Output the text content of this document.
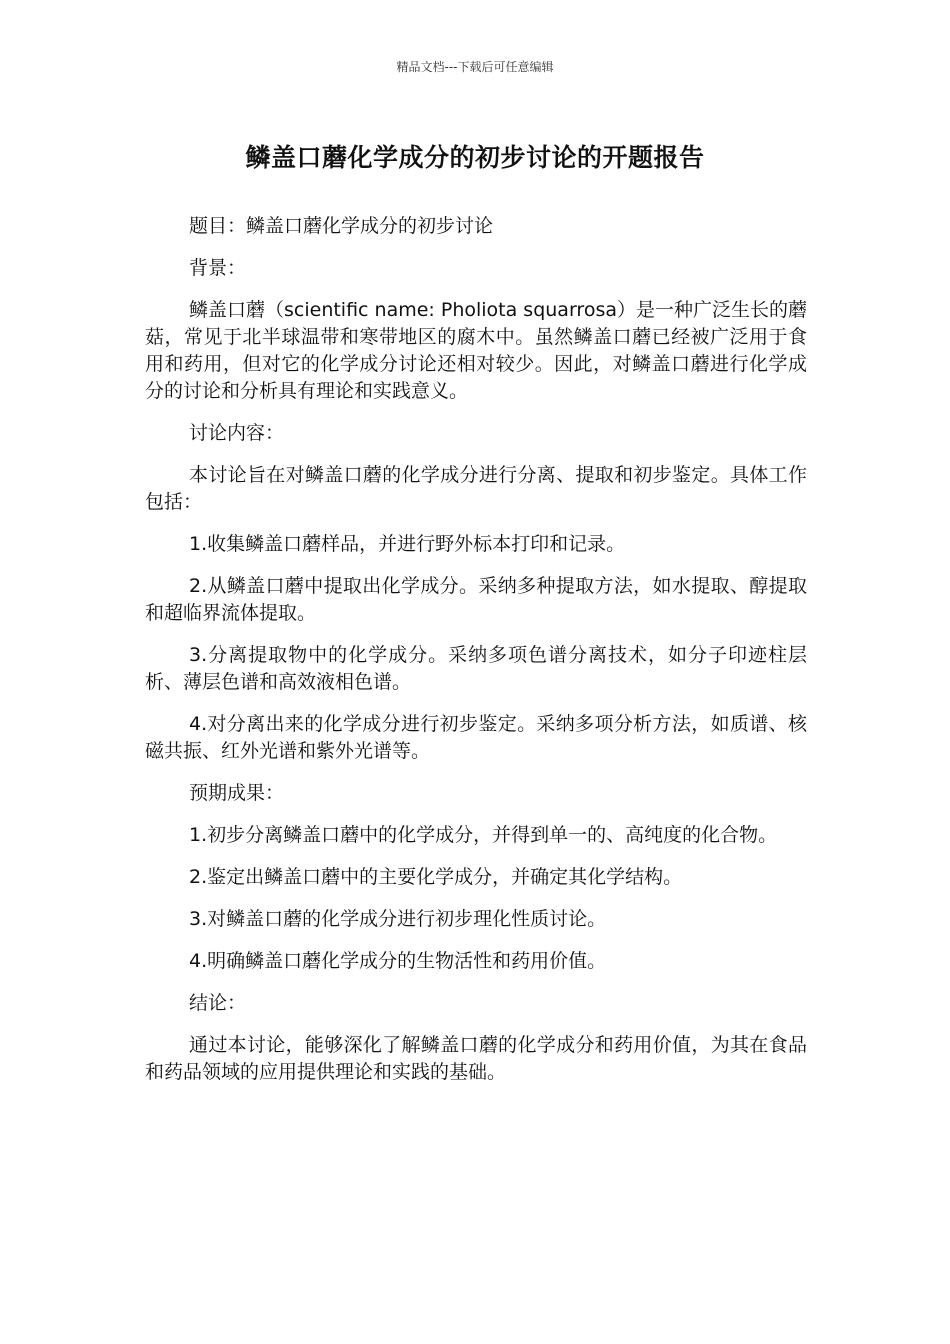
精品文档---下载后可任意编辑
鳞盖口蘑化学成分的初步讨论的开题报告

题目：鳞盖口蘑化学成分的初步讨论

背景：

鳞盖口蘑（scientific name: Pholiota squarrosa）是一种广泛生长的蘑菇，常见于北半球温带和寒带地区的腐木中。虽然鳞盖口蘑已经被广泛用于食用和药用，但对它的化学成分讨论还相对较少。因此，对鳞盖口蘑进行化学成分的讨论和分析具有理论和实践意义。

讨论内容：

本讨论旨在对鳞盖口蘑的化学成分进行分离、提取和初步鉴定。具体工作包括：

1.收集鳞盖口蘑样品，并进行野外标本打印和记录。

2.从鳞盖口蘑中提取出化学成分。采纳多种提取方法，如水提取、醇提取和超临界流体提取。

3.分离提取物中的化学成分。采纳多项色谱分离技术，如分子印迹柱层析、薄层色谱和高效液相色谱。

4.对分离出来的化学成分进行初步鉴定。采纳多项分析方法，如质谱、核磁共振、红外光谱和紫外光谱等。

预期成果：

1.初步分离鳞盖口蘑中的化学成分，并得到单一的、高纯度的化合物。

2.鉴定出鳞盖口蘑中的主要化学成分，并确定其化学结构。

3.对鳞盖口蘑的化学成分进行初步理化性质讨论。

4.明确鳞盖口蘑化学成分的生物活性和药用价值。

结论：

通过本讨论，能够深化了解鳞盖口蘑的化学成分和药用价值，为其在食品和药品领域的应用提供理论和实践的基础。
